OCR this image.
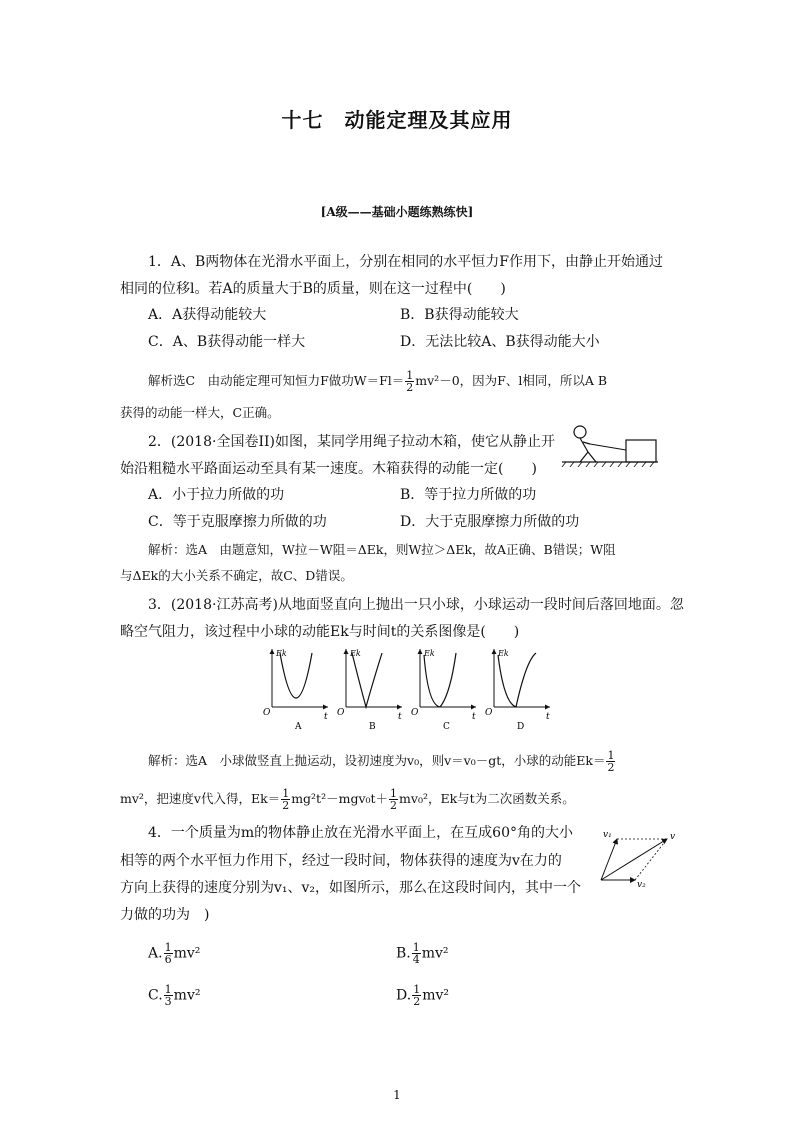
十七　动能定理及其应用
[A级——基础小题练熟练快]
1．A、B两物体在光滑水平面上，分别在相同的水平恒力F作用下，由静止开始通过
相同的位移l。若A的质量大于B的质量，则在这一过程中(　　)
A．A获得动能较大	B．B获得动能较大
C．A、B获得动能一样大	D．无法比较A、B获得动能大小
解析选C　由动能定理可知恒力F做功$W=Fl= \frac{1}{2} mv^2-0$，因为F、l相同，所以A B
获得的动能一样大，C正确。
2．(2018·全国卷II)如图，某同学用绳子拉动木箱，使它从静止开
始沿粗糙水平路面运动至具有某一速度。木箱获得的动能一定(　　)
A．小于拉力所做的功	B．等于拉力所做的功
C．等于克服摩擦力所做的功	D．大于克服摩擦力所做的功
解析：选A　由题意知，W拉－W阻＝ΔEk，则W拉＞ΔEk，故A正确、B错误；W阻
与ΔEk的大小关系不确定，故C、D错误。
3．(2018·江苏高考)从地面竖直向上抛出一只小球，小球运动一段时间后落回地面。忽
略空气阻力，该过程中小球的动能Ek与时间t的关系图像是(　　)
Ek
t
O
A
Ek
t
O
B
Ek
t
O
C
Ek
t
O
D
解析：选A　小球做竖直上抛运动，设初速度为v₀，则v＝v₀－gt，小球的动能$Ek= \frac{1}{2}$
mv²，把速度v代入得，$Ek= \frac{1}{2} mg^2t^2-mgv_0t+ \frac{1}{2} mv_0^2$，Ek与t为二次函数关系。
4．一个质量为m的物体静止放在光滑水平面上，在互成60°角的大小
相等的两个水平恒力作用下，经过一段时间，物体获得的速度为v在力的
方向上获得的速度分别为v₁、v₂，如图所示，那么在这段时间内，其中一个
力做的功为　)
v₁
v₂
v
A. $\frac{1}{6} mv^2$	B. $\frac{1}{4} mv^2$
C. $\frac{1}{3} mv^2$	D. $\frac{1}{2} mv^2$
1
